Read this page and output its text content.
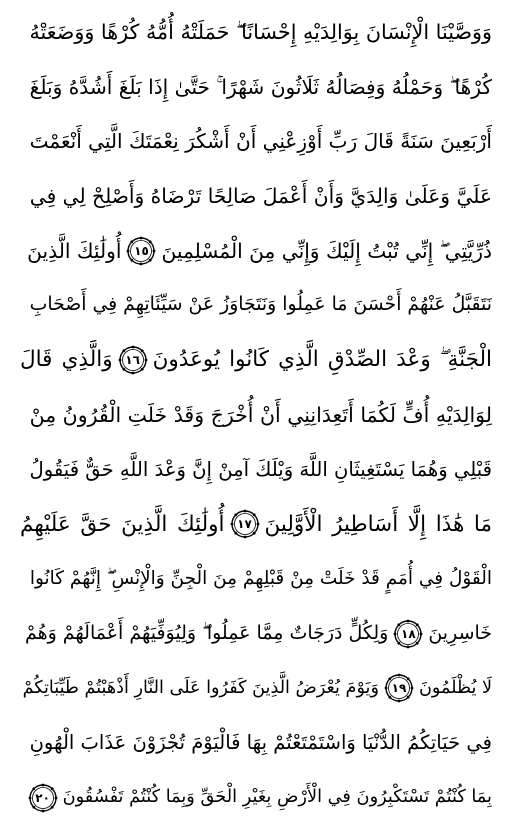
وَوَصَّيْنَا الْإِنْسَانَ بِوَالِدَيْهِ إِحْسَانًا ۖ حَمَلَتْهُ أُمُّهُ كُرْهًا وَوَضَعَتْهُ
كُرْهًا ۖ وَحَمْلُهُ وَفِصَالُهُ ثَلَاثُونَ شَهْرًا ۚ حَتَّىٰ إِذَا بَلَغَ أَشُدَّهُ وَبَلَغَ
أَرْبَعِينَ سَنَةً قَالَ رَبِّ أَوْزِعْنِي أَنْ أَشْكُرَ نِعْمَتَكَ الَّتِي أَنْعَمْتَ
عَلَيَّ وَعَلَىٰ وَالِدَيَّ وَأَنْ أَعْمَلَ صَالِحًا تَرْضَاهُ وَأَصْلِحْ لِي فِي
ذُرِّيَّتِي ۖ إِنِّي تُبْتُ إِلَيْكَ وَإِنِّي مِنَ الْمُسْلِمِينَ
١٥
أُولَٰئِكَ الَّذِينَ
نَتَقَبَّلُ عَنْهُمْ أَحْسَنَ مَا عَمِلُوا وَنَتَجَاوَزُ عَنْ سَيِّئَاتِهِمْ فِي أَصْحَابِ
الْجَنَّةِ ۖ وَعْدَ الصِّدْقِ الَّذِي كَانُوا يُوعَدُونَ
١٦
وَالَّذِي قَالَ
لِوَالِدَيْهِ أُفٍّ لَكُمَا أَتَعِدَانِنِي أَنْ أُخْرَجَ وَقَدْ خَلَتِ الْقُرُونُ مِنْ
قَبْلِي وَهُمَا يَسْتَغِيثَانِ اللَّهَ وَيْلَكَ آمِنْ إِنَّ وَعْدَ اللَّهِ حَقٌّ فَيَقُولُ
مَا هَٰذَا إِلَّا أَسَاطِيرُ الْأَوَّلِينَ
١٧
أُولَٰئِكَ الَّذِينَ حَقَّ عَلَيْهِمُ
الْقَوْلُ فِي أُمَمٍ قَدْ خَلَتْ مِنْ قَبْلِهِمْ مِنَ الْجِنِّ وَالْإِنْسِ ۖ إِنَّهُمْ كَانُوا
خَاسِرِينَ
١٨
وَلِكُلٍّ دَرَجَاتٌ مِمَّا عَمِلُوا ۖ وَلِيُوَفِّيَهُمْ أَعْمَالَهُمْ وَهُمْ
لَا يُظْلَمُونَ
١٩
وَيَوْمَ يُعْرَضُ الَّذِينَ كَفَرُوا عَلَى النَّارِ أَذْهَبْتُمْ طَيِّبَاتِكُمْ
فِي حَيَاتِكُمُ الدُّنْيَا وَاسْتَمْتَعْتُمْ بِهَا فَالْيَوْمَ تُجْزَوْنَ عَذَابَ الْهُونِ
بِمَا كُنْتُمْ تَسْتَكْبِرُونَ فِي الْأَرْضِ بِغَيْرِ الْحَقِّ وَبِمَا كُنْتُمْ تَفْسُقُونَ
٢٠
